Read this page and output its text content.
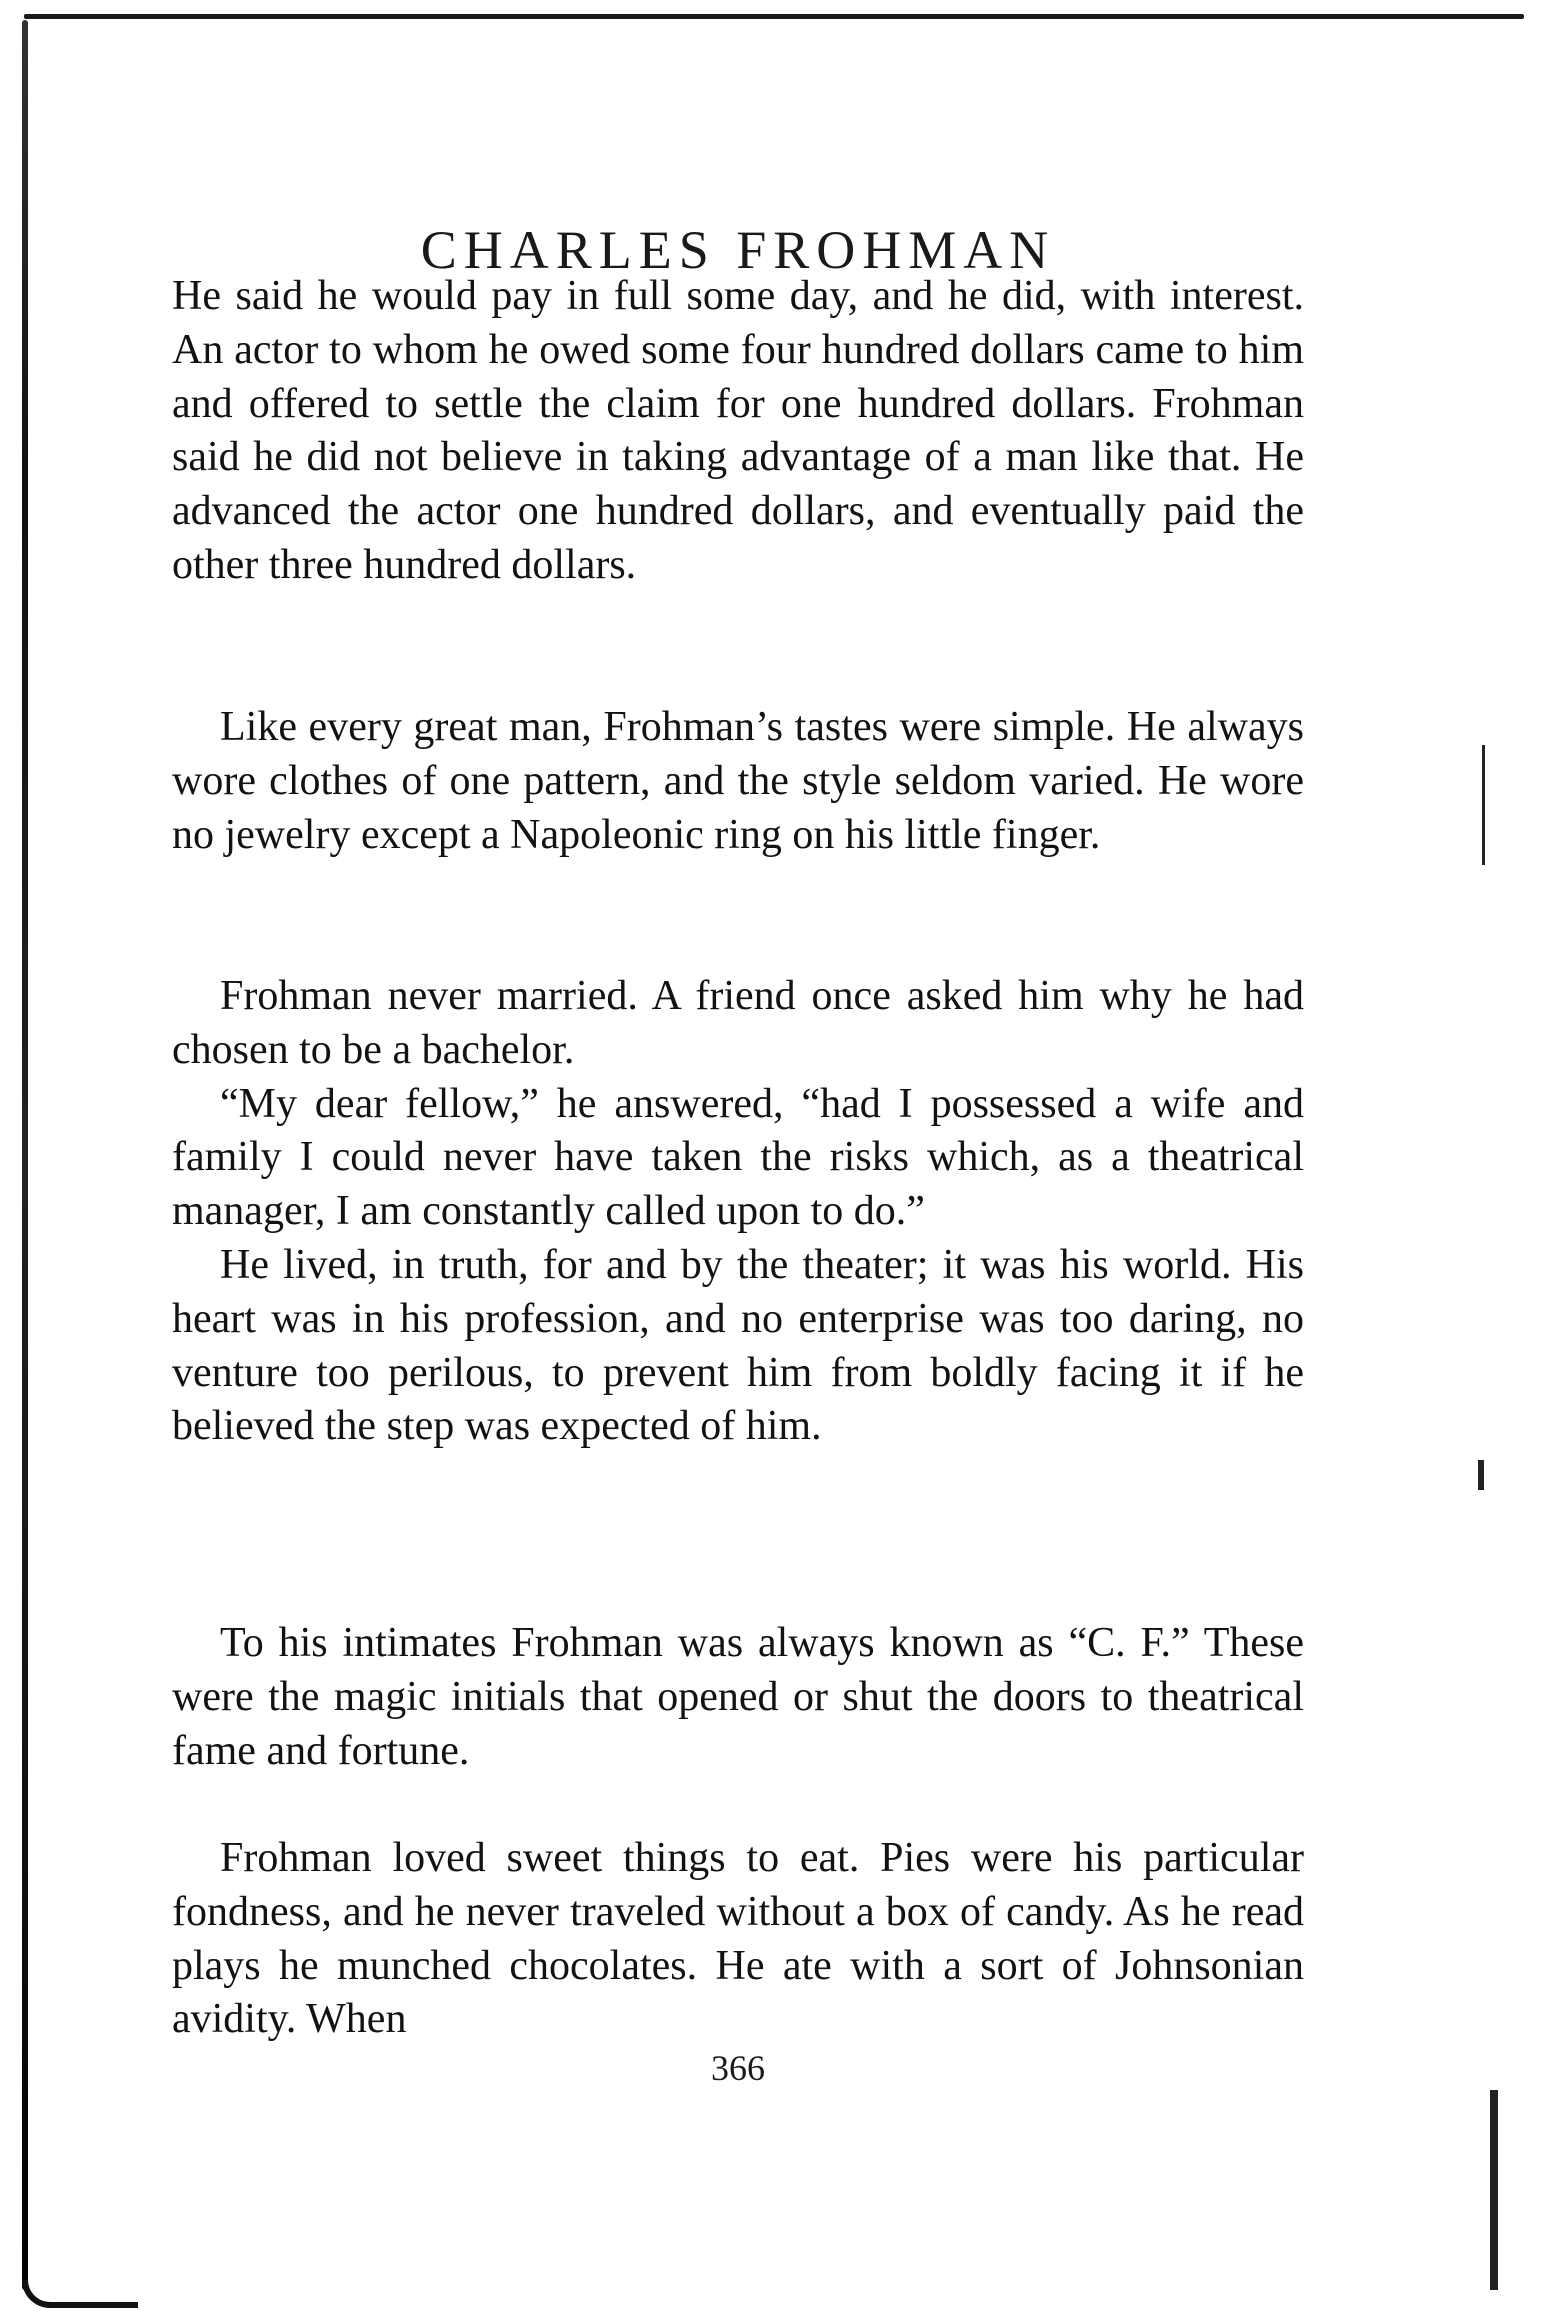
CHARLES FROHMAN

He said he would pay in full some day, and he did, with interest. An actor to whom he owed some four hundred dollars came to him and offered to settle the claim for one hundred dollars. Frohman said he did not believe in taking advantage of a man like that. He advanced the actor one hundred dollars, and eventually paid the other three hundred dollars.

Like every great man, Frohman’s tastes were simple. He always wore clothes of one pattern, and the style seldom varied. He wore no jewelry except a Napoleonic ring on his little finger.

Frohman never married. A friend once asked him why he had chosen to be a bachelor.

“My dear fellow,” he answered, “had I possessed a wife and family I could never have taken the risks which, as a theatrical manager, I am constantly called upon to do.”

He lived, in truth, for and by the theater; it was his world. His heart was in his profession, and no enterprise was too daring, no venture too perilous, to prevent him from boldly facing it if he believed the step was expected of him.

To his intimates Frohman was always known as “C. F.” These were the magic initials that opened or shut the doors to theatrical fame and fortune.

Frohman loved sweet things to eat. Pies were his particular fondness, and he never traveled without a box of candy. As he read plays he munched chocolates. He ate with a sort of Johnsonian avidity. When

366
